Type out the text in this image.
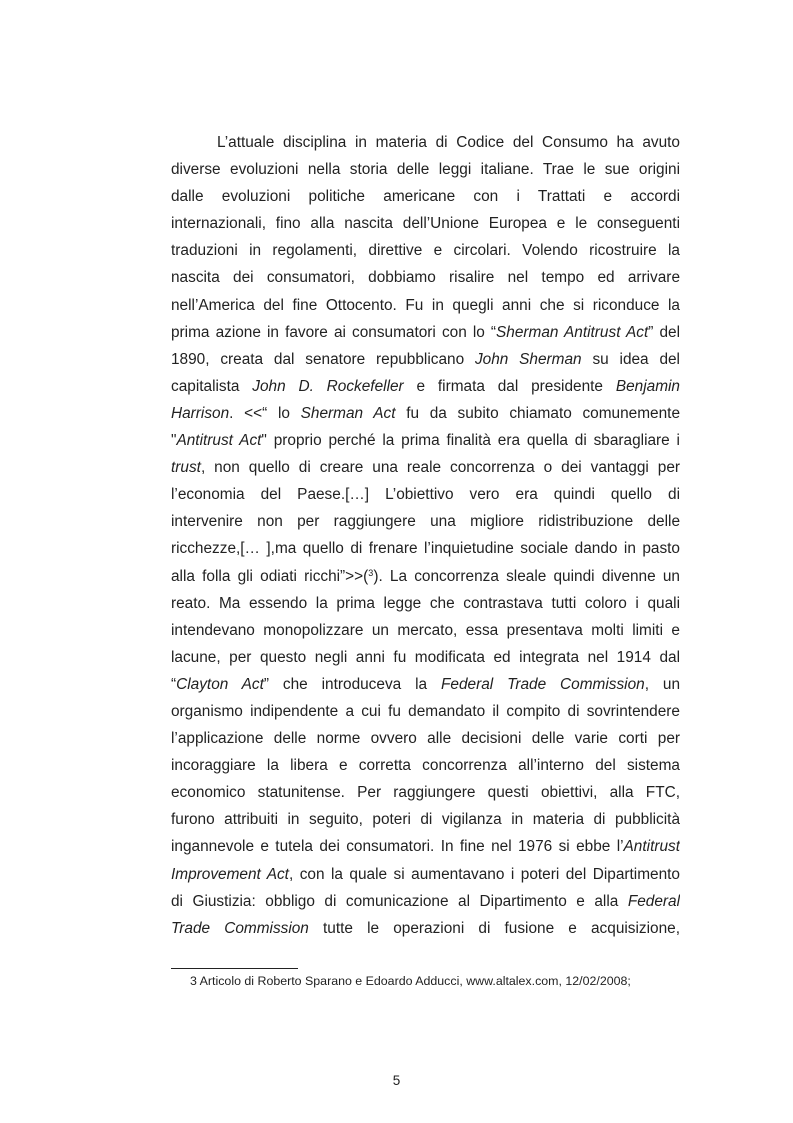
L’attuale disciplina in materia di Codice del Consumo ha avuto
diverse evoluzioni nella storia delle leggi italiane. Trae le sue origini
dalle evoluzioni politiche americane con i Trattati e accordi
internazionali, fino alla nascita dell’Unione Europea e le conseguenti
traduzioni in regolamenti, direttive e circolari. Volendo ricostruire la
nascita dei consumatori, dobbiamo risalire nel tempo ed arrivare
nell’America del fine Ottocento. Fu in quegli anni che si riconduce la
prima azione in favore ai consumatori con lo “Sherman Antitrust Act” del
1890, creata dal senatore repubblicano John Sherman su idea del
capitalista John D. Rockefeller e firmata dal presidente Benjamin
Harrison. <<“ lo Sherman Act fu da subito chiamato comunemente
"Antitrust Act" proprio perché la prima finalità era quella di sbaragliare i
trust, non quello di creare una reale concorrenza o dei vantaggi per
l’economia del Paese.[…] L’obiettivo vero era quindi quello di
intervenire non per raggiungere una migliore ridistribuzione delle
ricchezze,[… ],ma quello di frenare l’inquietudine sociale dando in pasto
alla folla gli odiati ricchi”>>($^3$). La concorrenza sleale quindi divenne un
reato. Ma essendo la prima legge che contrastava tutti coloro i quali
intendevano monopolizzare un mercato, essa presentava molti limiti e
lacune, per questo negli anni fu modificata ed integrata nel 1914 dal
“Clayton Act” che introduceva la Federal Trade Commission, un
organismo indipendente a cui fu demandato il compito di sovrintendere
l’applicazione delle norme ovvero alle decisioni delle varie corti per
incoraggiare la libera e corretta concorrenza all’interno del sistema
economico statunitense. Per raggiungere questi obiettivi, alla FTC,
furono attribuiti in seguito, poteri di vigilanza in materia di pubblicità
ingannevole e tutela dei consumatori. In fine nel 1976 si ebbe l’Antitrust
Improvement Act, con la quale si aumentavano i poteri del Dipartimento
di Giustizia: obbligo di comunicazione al Dipartimento e alla Federal
Trade Commission tutte le operazioni di fusione e acquisizione,
3 Articolo di Roberto Sparano e Edoardo Adducci, www.altalex.com, 12/02/2008;
5
